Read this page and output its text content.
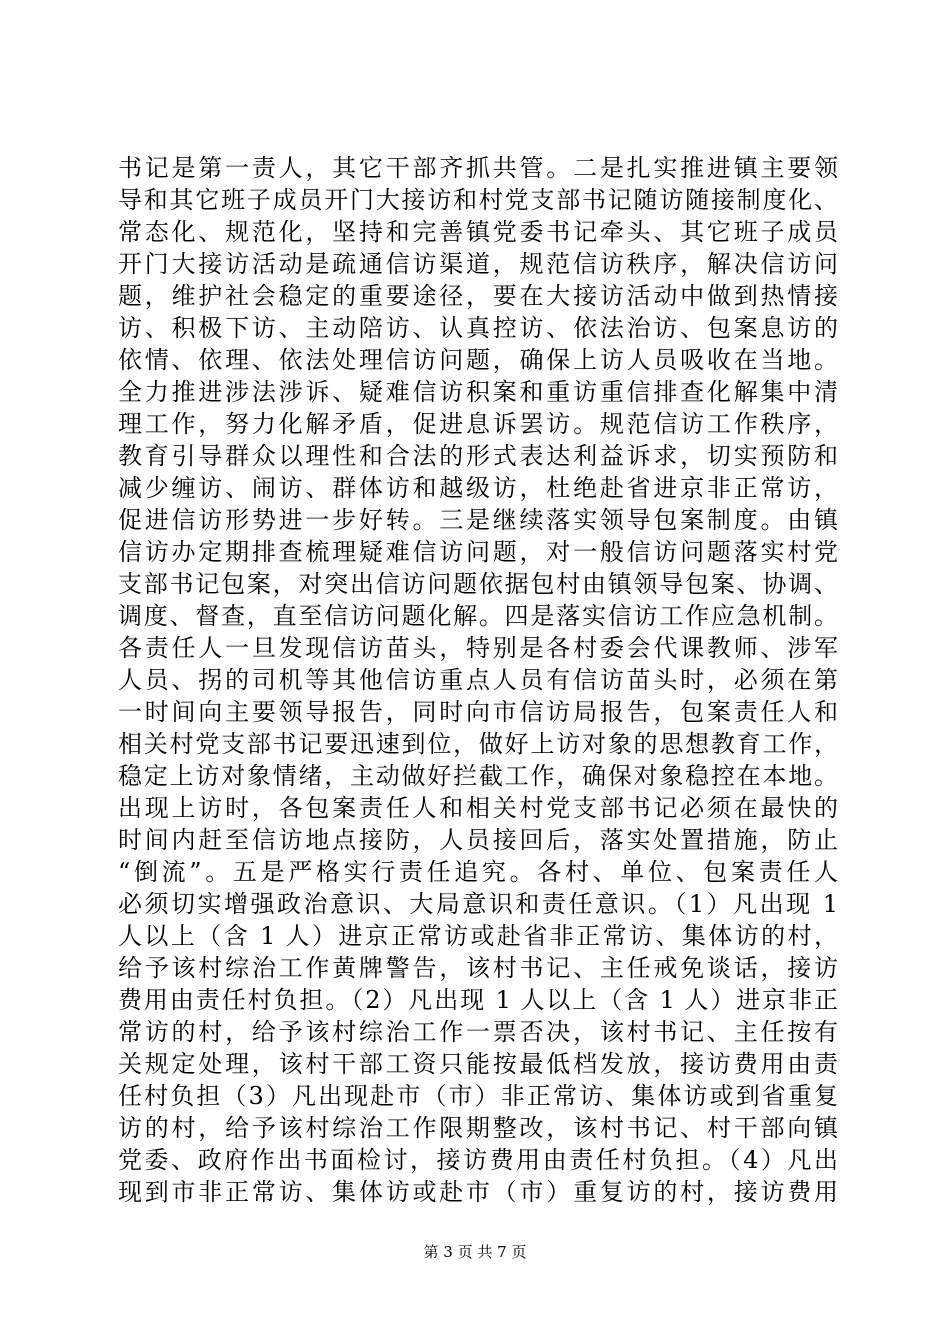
书记是第一责人，其它干部齐抓共管。二是扎实推进镇主要领
导和其它班子成员开门大接访和村党支部书记随访随接制度化、
常态化、规范化，坚持和完善镇党委书记牵头、其它班子成员
开门大接访活动是疏通信访渠道，规范信访秩序，解决信访问
题，维护社会稳定的重要途径，要在大接访活动中做到热情接
访、积极下访、主动陪访、认真控访、依法治访、包案息访的
依情、依理、依法处理信访问题，确保上访人员吸收在当地。
全力推进涉法涉诉、疑难信访积案和重访重信排查化解集中清
理工作，努力化解矛盾，促进息诉罢访。规范信访工作秩序，
教育引导群众以理性和合法的形式表达利益诉求，切实预防和
减少缠访、闹访、群体访和越级访，杜绝赴省进京非正常访，
促进信访形势进一步好转。三是继续落实领导包案制度。由镇
信访办定期排查梳理疑难信访问题，对一般信访问题落实村党
支部书记包案，对突出信访问题依据包村由镇领导包案、协调、
调度、督查，直至信访问题化解。四是落实信访工作应急机制。
各责任人一旦发现信访苗头，特别是各村委会代课教师、涉军
人员、拐的司机等其他信访重点人员有信访苗头时，必须在第
一时间向主要领导报告，同时向市信访局报告，包案责任人和
相关村党支部书记要迅速到位，做好上访对象的思想教育工作，
稳定上访对象情绪，主动做好拦截工作，确保对象稳控在本地。
出现上访时，各包案责任人和相关村党支部书记必须在最快的
时间内赶至信访地点接防，人员接回后，落实处置措施，防止
“倒流”。五是严格实行责任追究。各村、单位、包案责任人
必须切实增强政治意识、大局意识和责任意识。（1）凡出现 1
人以上（含 1 人）进京正常访或赴省非正常访、集体访的村，
给予该村综治工作黄牌警告，该村书记、主任戒免谈话，接访
费用由责任村负担。（2）凡出现 1 人以上（含 1 人）进京非正
常访的村，给予该村综治工作一票否决，该村书记、主任按有
关规定处理，该村干部工资只能按最低档发放，接访费用由责
任村负担（3）凡出现赴市（市）非正常访、集体访或到省重复
访的村，给予该村综治工作限期整改，该村书记、村干部向镇
党委、政府作出书面检讨，接访费用由责任村负担。（4）凡出
现到市非正常访、集体访或赴市（市）重复访的村，接访费用
第 3 页 共 7 页
